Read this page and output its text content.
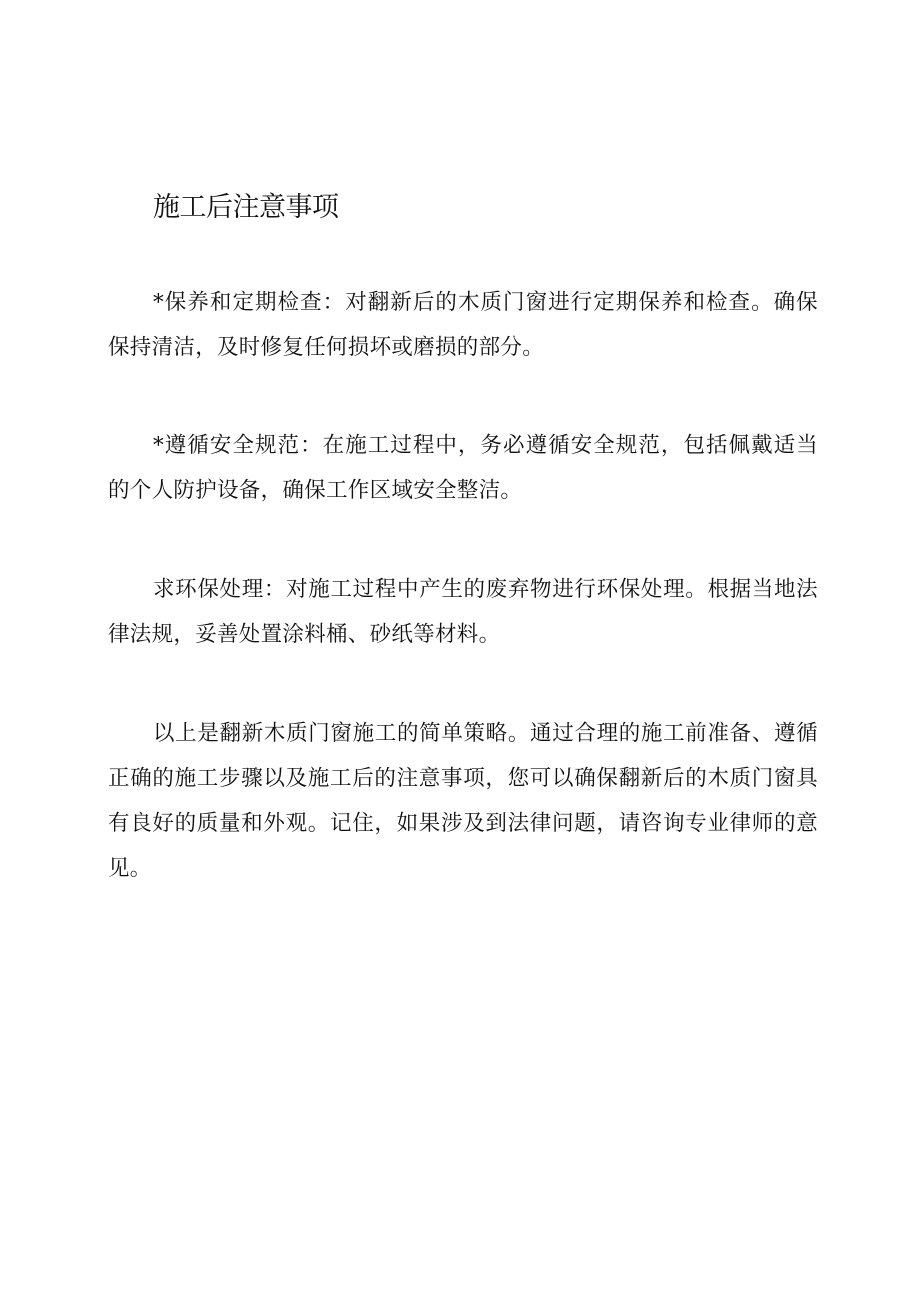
施工后注意事项

*保养和定期检查：对翻新后的木质门窗进行定期保养和检查。确保保持清洁，及时修复任何损坏或磨损的部分。

*遵循安全规范：在施工过程中，务必遵循安全规范，包括佩戴适当的个人防护设备，确保工作区域安全整洁。

求环保处理：对施工过程中产生的废弃物进行环保处理。根据当地法律法规，妥善处置涂料桶、砂纸等材料。

以上是翻新木质门窗施工的简单策略。通过合理的施工前准备、遵循正确的施工步骤以及施工后的注意事项，您可以确保翻新后的木质门窗具有良好的质量和外观。记住，如果涉及到法律问题，请咨询专业律师的意见。
